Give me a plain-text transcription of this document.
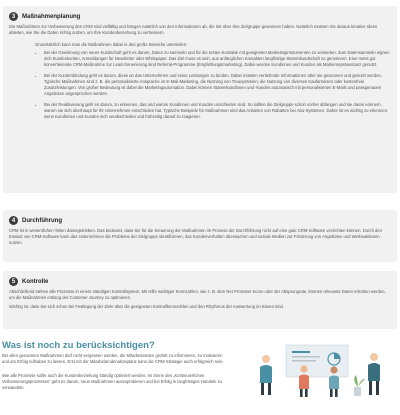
3	Maßnahmenplanung

Die Maßnahmen zur Verbesserung des CRM sind vielfältig und hängen natürlich von den Informationen ab, die Sie über Ihre Zielgruppe gewonnen haben. Natürlich müssen Sie daraus kreative Ideen ableiten, wie Sie die Daten richtig nutzen, um Ihre Kundenbeziehung zu verbessern.

Grundsätzlich kann man die Maßnahmen dabei in drei große Bereiche unterteilen:

• Bei der Gewinnung von neuer Kundschaft geht es darum, Daten zu sammeln und für die ersten Kontakte mit geeigneten Marketinginstrumenten zu verwerten. Zum Datensammeln eignen sich Kundenkonten, Anmeldungen für Newsletter oder Whitepaper. Das Ziel muss es sein, aus anfänglichen Kontakten langfristige Stammkundschaft zu generieren. Eine meist gut konvertierende CRM-Maßnahme zur Lead-Generierung sind Referral-Programme (Empfehlungsmarketing). Dabei werden Kundinnen und Kunden als Markenrepräsentanz genutzt.
• Bei der Kundenbindung geht es darum, diese an das Unternehmen und seine Leistungen zu binden. Dabei müssen vertiefende Informationen über sie gewonnen und genutzt werden. Typische Maßnahmen sind z. B. die personalisierte Ansprache im E-Mail-Marketing, die Nutzung von Treueprämien, die Nutzung von diversen Kaufanreizen oder kostenfreie Zusatzleistungen. Von großer Bedeutung ist dabei die Marketingautomation. Dabei können Stammkundinnen und -kunden automatisch mit personalisierten E-Mails und passgenauen Angeboten angesprochen werden.
• Bei der Reaktivierung geht es darum, zu erkennen, das und warum Kundinnen und Kunden unzufrieden sind. So sollten die Zielgruppe schon vorher abfangen und sie daran erinnern, warum sie sich überhaupt für Ihr Unternehmen entschieden hat. Typische Beispiele für Maßnahmen sind das Anbieten von Rabatten bei Abo-Systemen. Daher ist es wichtig zu erkennen, wenn Kundinnen und Kunden sich verabschieden und frühzeitig darauf zu reagieren.
4	Durchführung

CRM ist in wesentlichen Teilen datengetrieben. Das bedeutet, dass Sie für die Steuerung der Maßnahmen im Prozess der Durchführung nicht auf eine gute CRM-Software verzichten können. Durch den Einsatz von CRM-Software kann das Unternehmen die Probleme der Zielgruppe identifizieren, das Kundenverhalten überwachen und soziale Medien zur Förderung von Angeboten und Werbeaktionen nutzen.

5	Kontrolle

Abschließend stehen alle Prozesse in einem ständigen Kontrollsystem. Mit Hilfe wichtiger Kennzahlen, wie z. B. dem Net Promoter Score oder der Absprungrate, können relevante Daten erhoben werden, um die Maßnahmen entlang der Customer Journey zu optimieren.

Wichtig ist, dass Sie sich schon bei Festlegung der Ziele über die geeigneten Kontrollkennzahlen und den Rhythmus der Auswertung im Klaren sind.

Was ist noch zu berücksichtigen?

Bei allen genannten Maßnahmen darf nicht vergessen werden, die Mitarbeitenden gezielt zu informieren, zu motivieren und am Erfolg teilhaben zu lassen. Erst mit der Mitarbeitendenakzeptanz kann die CRM-Strategie auch erfolgreich sein.

Wie alle Prozesse sollte auch die Kundenbeziehung ständig optimiert werden. Im Sinne des „Kontinuierlichen Verbesserungsprozesses“ geht es darum, neue Maßnahmen auszuprobieren und bei Erfolg in langfristiges Handeln zu verwandeln.
